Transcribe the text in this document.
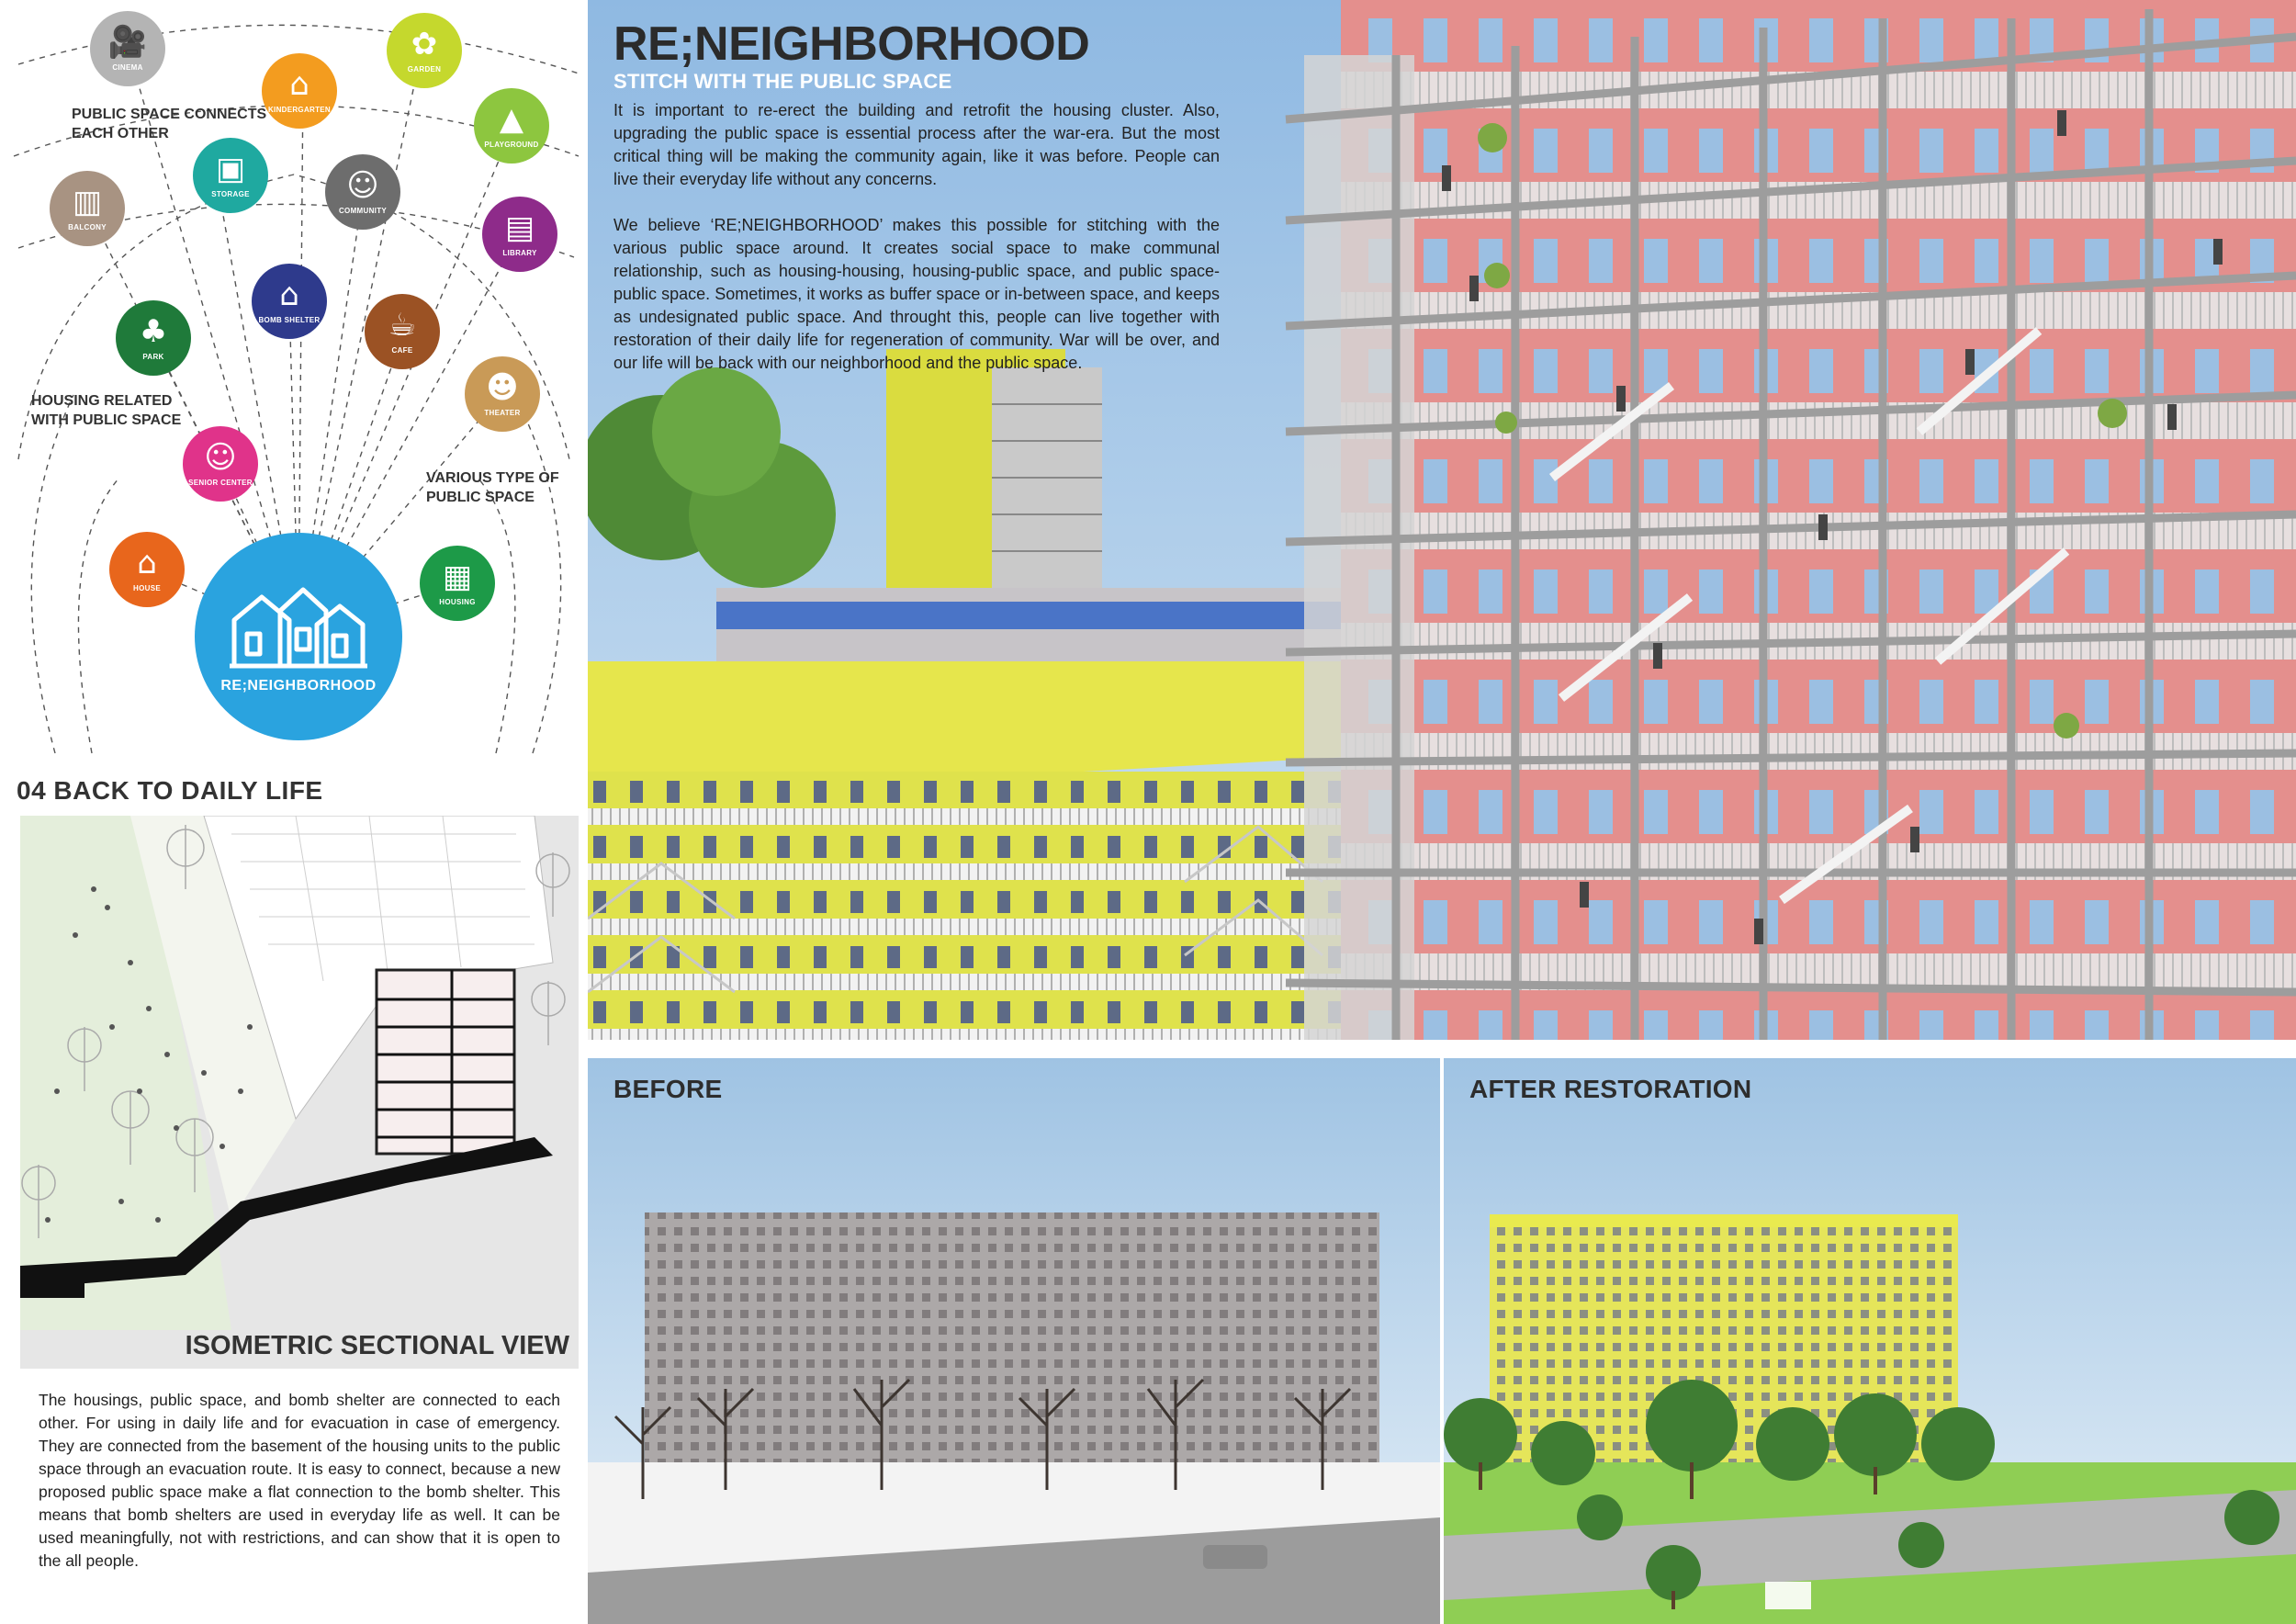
PUBLIC SPACE CONNECTS
EACH OTHER
HOUSING RELATED
WITH PUBLIC SPACE
VARIOUS TYPE OF
PUBLIC SPACE
🎥
CINEMA	⌂
KINDERGARTEN
✿
GARDEN
▲
PLAYGROUND
▥
BALCONY
▣
STORAGE	☺
COMMUNITY	▤
LIBRARY
⌂
BOMB SHELTER
♣
PARK
☕
CAFE
☻
THEATER
☺
SENIOR CENTER
⌂
HOUSE	▦
HOUSING
RE;NEIGHBORHOOD
04 BACK TO DAILY LIFE
ISOMETRIC SECTIONAL VIEW
The housings, public space, and bomb shelter are connected to each other. For using in daily life and for evacuation in case of emergency. They are connected from the basement of the housing units to the public space through an evacuation route. It is easy to connect, because a new proposed public space make a flat connection to the bomb shelter. This means that bomb shelters are used in everyday life as well. It can be used meaningfully, not with restrictions, and can show that it is open to the all people.
RE;NEIGHBORHOOD
STITCH WITH THE PUBLIC SPACE

It is important to re-erect the building and retrofit the housing cluster. Also, upgrading the public space is essential process after the war-era. But the most critical thing will be making the community again, like it was before. People can live their everyday life without any concerns.

We believe ‘RE;NEIGHBORHOOD’ makes this possible for stitching with the various public space around. It creates social space to make communal relationship, such as housing-housing, housing-public space, and public space-public space. Sometimes, it works as buffer space or in-between space, and keeps as undesignated public space. And throught this, people can live together with restoration of their daily life for regeneration of community. War will be over, and our life will be back with our neighborhood and the public space.

BEFORE	AFTER RESTORATION
